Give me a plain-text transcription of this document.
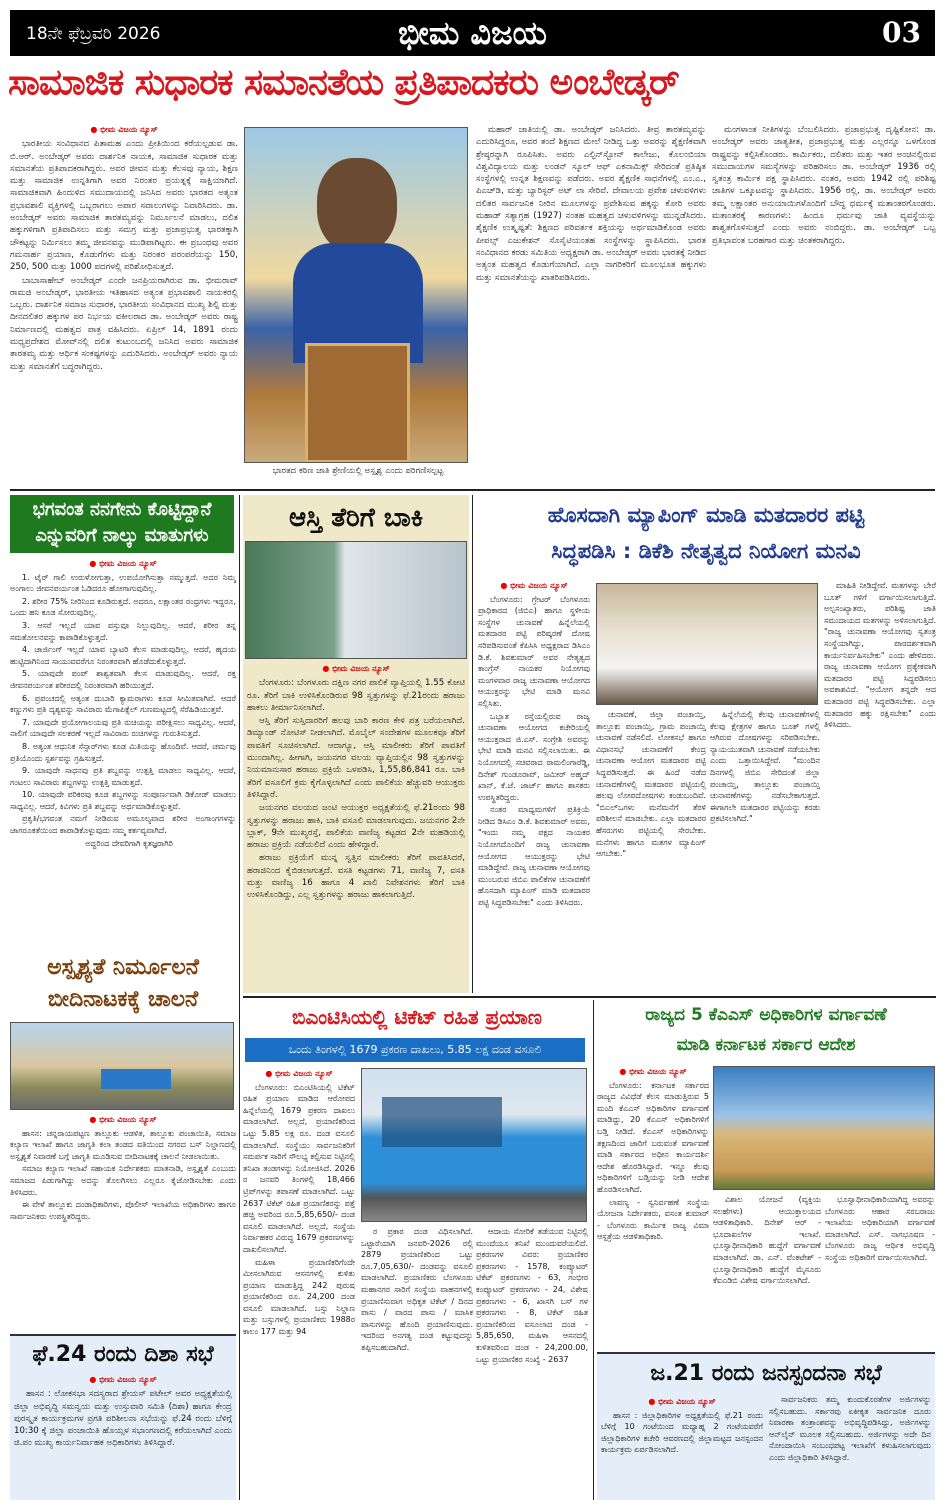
18ನೇ ಫೆಬ್ರವರಿ 2026	ಭೀಮ ವಿಜಯ	03
ಸಾಮಾಜಿಕ ಸುಧಾರಕ ಸಮಾನತೆಯ ಪ್ರತಿಪಾದಕರು ಅಂಬೇಡ್ಕರ್
● ಭೀಮ ವಿಜಯ ನ್ಯೂಸ್

ಭಾರತೀಯ ಸಂವಿಧಾನದ ಪಿತಾಮಹ ಎಂದು ಪ್ರೀತಿಯಿಂದ ಕರೆಯಲ್ಪಡುವ ಡಾ. ಬಿ.ಆರ್. ಅಂಬೇಡ್ಕರ್ ಅವರು ದಾರ್ಶನಿಕ ನಾಯಕ, ಸಾಮಾಜಿಕ ಸುಧಾರಕ ಮತ್ತು ಸಮಾನತೆಯ ಪ್ರತಿಪಾದಕರಾಗಿದ್ದರು. ಅವರ ಜೀವನ ಮತ್ತು ಕೆಲಸವು ನ್ಯಾಯ, ಶಿಕ್ಷಣ ಮತ್ತು ಸಾಮಾಜಿಕ ಉನ್ನತಿಗಾಗಿ ಅವರ ನಿರಂತರ ಪ್ರಯತ್ನಕ್ಕೆ ಸಾಕ್ಷಿಯಾಗಿದೆ. ಸಾಮಾಜಿಕವಾಗಿ ಹಿಂದುಳಿದ ಸಮುದಾಯದಲ್ಲಿ ಜನಿಸಿದ ಅವರು ಭಾರತದ ಅತ್ಯಂತ ಪ್ರಭಾವಶಾಲಿ ವ್ಯಕ್ತಿಗಳಲ್ಲಿ ಒಬ್ಬರಾಗಲು ಅಪಾರ ಸವಾಲುಗಳನ್ನು ನಿವಾರಿಸಿದರು. ಡಾ. ಅಂಬೇಡ್ಕರ್ ಅವರು ಸಾಮಾಜಿಕ ತಾರತಮ್ಯವನ್ನು ನಿರ್ಮೂಲನೆ ಮಾಡಲು, ದಲಿತ ಹಕ್ಕುಗಳಿಗಾಗಿ ಪ್ರತಿಪಾದಿಸಲು ಮತ್ತು ಸಮಗ್ರ ಮತ್ತು ಪ್ರಜಾಪ್ರಭುತ್ವ ಭಾರತಕ್ಕಾಗಿ ಚೌಕಟ್ಟನ್ನು ನಿರ್ಮಿಸಲು ತಮ್ಮ ಜೀವನವನ್ನು ಮುಡಿಪಾಗಿಟ್ಟರು. ಈ ಪ್ರಬಂಧವು ಅವರ ಗಮನಾರ್ಹ ಪ್ರಯಾಣ, ಕೊಡುಗೆಗಳು ಮತ್ತು ನಿರಂತರ ಪರಂಪರೆಯನ್ನು 150, 250, 500 ಮತ್ತು 1000 ಪದಗಳಲ್ಲಿ ಪರಿಶೋಧಿಸುತ್ತದೆ.

ಬಾಬಾಸಾಹೇಬ್ ಅಂಬೇಡ್ಕರ್ ಎಂದೇ ಜನಪ್ರಿಯರಾಗಿರುವ ಡಾ. ಭೀಮರಾವ್ ರಾಮಜಿ ಅಂಬೇಡ್ಕರ್, ಭಾರತೀಯ ಇತಿಹಾಸದ ಅತ್ಯಂತ ಪ್ರಭಾವಶಾಲಿ ನಾಯಕರಲ್ಲಿ ಒಬ್ಬರು. ದಾರ್ಶನಿಕ ಸಮಾಜ ಸುಧಾರಕ, ಭಾರತೀಯ ಸಂವಿಧಾನದ ಮುಖ್ಯ ಶಿಲ್ಪಿ ಮತ್ತು ದೀನದಲಿತರ ಹಕ್ಕುಗಳ ಪರ ನಿರ್ಭಯ ವಕೀಲರಾದ ಡಾ. ಅಂಬೇಡ್ಕರ್ ಅವರು ರಾಷ್ಟ್ರ ನಿರ್ಮಾಣದಲ್ಲಿ ಮಹತ್ವದ ಪಾತ್ರ ವಹಿಸಿದರು. ಏಪ್ರಿಲ್ 14, 1891 ರಂದು ಮಧ್ಯಪ್ರದೇಶದ ಮೋವ್‌ನಲ್ಲಿ ದಲಿತ ಕುಟುಂಬದಲ್ಲಿ ಜನಿಸಿದ ಅವರು ಸಾಮಾಜಿಕ ತಾರತಮ್ಯ ಮತ್ತು ಆರ್ಥಿಕ ಸಂಕಷ್ಟಗಳನ್ನು ಎದುರಿಸಿದರು. ಅಂಬೇಡ್ಕರ್ ಅವರು ನ್ಯಾಯ ಮತ್ತು ಸಮಾನತೆಗೆ ಬದ್ಧರಾಗಿದ್ದರು.

ಭಾರತದ ಕಠಿಣ ಜಾತಿ ಶ್ರೇಣಿಯಲ್ಲಿ ಅಸ್ಪೃಶ್ಯ ಎಂದು ಪರಿಗಣಿಸಲ್ಪಟ್ಟ

ಮಹಾರ್ ಜಾತಿಯಲ್ಲಿ ಡಾ. ಅಂಬೇಡ್ಕರ್ ಜನಿಸಿದರು. ತೀವ್ರ ತಾರತಮ್ಯವನ್ನು ಎದುರಿಸಿದ್ದರೂ, ಅವರ ತಂದೆ ಶಿಕ್ಷಣದ ಮೇಲೆ ನೀಡಿದ್ದ ಒತ್ತು ಅವರನ್ನು ಶೈಕ್ಷಣಿಕವಾಗಿ ಶ್ರೇಷ್ಠರನ್ನಾಗಿ ರೂಪಿಸಿತು. ಅವರು ಎಲ್ಫಿನ್‌ಸ್ಟೋನ್ ಕಾಲೇಜು, ಕೊಲಂಬಿಯಾ ವಿಶ್ವವಿದ್ಯಾಲಯ ಮತ್ತು ಲಂಡನ್ ಸ್ಕೂಲ್ ಆಫ್ ಎಕನಾಮಿಕ್ಸ್ ಸೇರಿದಂತೆ ಪ್ರತಿಷ್ಠಿತ ಸಂಸ್ಥೆಗಳಲ್ಲಿ ಉನ್ನತ ಶಿಕ್ಷಣವನ್ನು ಪಡೆದರು. ಅವರ ಶೈಕ್ಷಣಿಕ ಸಾಧನೆಗಳಲ್ಲಿ ಎಂ.ಎ., ಪಿಎಚ್‌ಡಿ, ಮತ್ತು ಬ್ಯಾರಿಸ್ಟರ್ ಅಟ್ ಲಾ ಸೇರಿವೆ. ದೇವಾಲಯ ಪ್ರವೇಶ ಚಳುವಳಿಗಳು ದಲಿತರ ಸಾರ್ವಜನಿಕ ನೀರಿನ ಮೂಲಗಳನ್ನು ಪ್ರವೇಶಿಸುವ ಹಕ್ಕನ್ನು ಕೋರಿ ಅವರು ಮಹಾಡ್ ಸತ್ಯಾಗ್ರಹ (1927) ನಂತಹ ಮಹತ್ವದ ಚಳುವಳಿಗಳನ್ನು ಮುನ್ನಡೆಸಿದರು. ಶೈಕ್ಷಣಿಕ ಉತ್ಕೃಷ್ಟತೆ: ಶಿಕ್ಷಣದ ಪರಿವರ್ತಕ ಶಕ್ತಿಯನ್ನು ಅರ್ಥಮಾಡಿಕೊಂಡ ಅವರು ಪೀಪಲ್ಸ್ ಎಜುಕೇಶನ್ ಸೊಸೈಟಿಯಂತಹ ಸಂಸ್ಥೆಗಳನ್ನು ಸ್ಥಾಪಿಸಿದರು. ಭಾರತ ಸಂವಿಧಾನದ ಕರಡು ಸಮಿತಿಯ ಅಧ್ಯಕ್ಷರಾಗಿ ಡಾ. ಅಂಬೇಡ್ಕರ್ ಅವರು ಭಾರತಕ್ಕೆ ನೀಡಿದ ಅತ್ಯಂತ ಮಹತ್ವದ ಕೊಡುಗೆಯಾಗಿದೆ. ಎಲ್ಲಾ ನಾಗರಿಕರಿಗೆ ಮೂಲಭೂತ ಹಕ್ಕುಗಳು ಮತ್ತು ಸಮಾನತೆಯನ್ನು ಖಾತರಿಪಡಿಸಿದರು.

ಮಂಗಳಾಂತ ನೀತಿಗಳನ್ನು ಬೆಂಬಲಿಸಿದರು. ಪ್ರಜಾಪ್ರಭುತ್ವ ದೃಷ್ಟಿಕೋನ: ಡಾ. ಅಂಬೇಡ್ಕರ್ ಅವರು ಜಾತ್ಯತೀತ, ಪ್ರಜಾಪ್ರಭುತ್ವ ಮತ್ತು ಎಲ್ಲರನ್ನೂ ಒಳಗೊಂಡ ರಾಷ್ಟ್ರವನ್ನು ಕಲ್ಪಿಸಿಕೊಂಡರು. ಕಾರ್ಮಿಕರು, ದಲಿತರು ಮತ್ತು ಇತರ ಅಂಚಿನಲ್ಲಿರುವ ಸಮುದಾಯಗಳ ಸಮಸ್ಯೆಗಳನ್ನು ಪರಿಹರಿಸಲು ಡಾ. ಅಂಬೇಡ್ಕರ್ 1936 ರಲ್ಲಿ ಸ್ವತಂತ್ರ ಕಾರ್ಮಿಕ ಪಕ್ಷ ಸ್ಥಾಪಿಸಿದರು. ನಂತರ, ಅವರು 1942 ರಲ್ಲಿ ಪರಿಶಿಷ್ಟ ಜಾತಿಗಳ ಒಕ್ಕೂಟವನ್ನು ಸ್ಥಾಪಿಸಿದರು. 1956 ರಲ್ಲಿ, ಡಾ. ಅಂಬೇಡ್ಕರ್ ಅವರು ತಮ್ಮ ಲಕ್ಷಾಂತರ ಅನುಯಾಯಿಗಳೊಂದಿಗೆ ಬೌದ್ಧ ಧರ್ಮಕ್ಕೆ ಮತಾಂತರಗೊಂಡರು. ಮತಾಂತರಕ್ಕೆ ಕಾರಣಗಳು: ಹಿಂದೂ ಧರ್ಮವು ಜಾತಿ ವ್ಯವಸ್ಥೆಯನ್ನು ಶಾಶ್ವತಗೊಳಿಸುತ್ತದೆ ಎಂದು ಅವರು ನಂಬಿದ್ದರು. ಡಾ. ಅಂಬೇಡ್ಕರ್ ಒಬ್ಬ ಪ್ರತಿಭಾವಂತ ಬರಹಗಾರ ಮತ್ತು ಚಿಂತಕರಾಗಿದ್ದರು.

ಭಗವಂತ ನನಗೇನು ಕೊಟ್ಟಿದ್ದಾನೆ
ಎನ್ನುವರಿಗೆ ನಾಲ್ಕು ಮಾತುಗಳು
● ಭೀಮ ವಿಜಯ ನ್ಯೂಸ್

1. ಟೈರ್ ಗಾಲಿ ಉರುಳೋಗುತ್ತಾ, ಉಪಯೋಗಿಸುತ್ತಾ ನಮ್ಮುತ್ತದೆ. ಅದರ ನಿಮ್ಮ ಅಂಗಾಲು ಜೀವನಪರ್ಯಂತ ಓಡಿದರೂ ಹೋಗಾಗುವುದಿಲ್ಲ.

2. ಶರೀರ 75% ನೀರಿನಿಂದ ಕೂಡಿರುತ್ತದೆ. ಅದರೂ, ಲಕ್ಷಾಂತರ ರಂಧ್ರಗಳು ಇದ್ದರೂ, ಒಂದು ಹನಿ ಕೂಡ ಸೋರುವುದಿಲ್ಲ.

3. ಆಸರೆ ಇಲ್ಲದೆ ಯಾವ ವಸ್ತುವೂ ನಿಲ್ಲುವುದಿಲ್ಲ. ಆದರೆ, ಶರೀರ ತನ್ನ ಸಮತೋಲನವನ್ನು ಕಾಪಾಡಿಕೊಳ್ಳುತ್ತದೆ.

4. ಚಾರ್ಜಿಂಗ್ ಇಲ್ಲದೆ ಯಾವ ಬ್ಯಾಟರಿ ಕೆಲಸ ಮಾಡುವುದಿಲ್ಲ. ಆದರೆ, ಹೃದಯ ಹುಟ್ಟಿದಾಗಿನಿಂದ ಸಾಯುವವರೆಗೂ ನಿರಂತರವಾಗಿ ಹೊಡೆದುಕೊಳ್ಳುತ್ತದೆ.

5. ಯಾವುದೇ ಪಂಪ್ ಶಾಶ್ವತವಾಗಿ ಕೆಲಸ ಮಾಡುವುದಿಲ್ಲ. ಆದರೆ, ರಕ್ತ ಜೀವನಪರ್ಯಂತ ಶರೀರದಲ್ಲಿ ನಿರಂತರವಾಗಿ ಹರಿಯುತ್ತದೆ.

6. ಪ್ರಪಂಚದಲ್ಲಿ ಅತ್ಯಂತ ದುಬಾರಿ ಕ್ಯಾಮರಾಗಳು ಕೂಡ ಸೀಮಿತವಾಗಿವೆ. ಆದರೆ ಕಣ್ಣುಗಳು ಪ್ರತಿ ದೃಶ್ಯವನ್ನು ಸಾವಿರಾರು ಮೆಗಾಪಿಕ್ಸೆಲ್ ಗುಣಮಟ್ಟದಲ್ಲಿ ಸೆರೆಹಿಡಿಯುತ್ತವೆ.

7. ಯಾವುದೇ ಪ್ರಯೋಗಾಲಯವು ಪ್ರತಿ ರುಚಿಯನ್ನು ಪರೀಕ್ಷಿಸಲು ಸಾಧ್ಯವಿಲ್ಲ. ಆದರೆ, ನಾಲಿಗೆ ಯಾವುದೇ ಸಲಕರಣೆ ಇಲ್ಲದೆ ಸಾವಿರಾರು ರುಚಿಗಳನ್ನು ಗುರುತಿಸುತ್ತದೆ.

8. ಅತ್ಯಂತ ಆಧುನಿಕ ಸೆನ್ಸಾರ್‌ಗಳು ಕೂಡ ಮಿತಿಯನ್ನು ಹೊಂದಿವೆ. ಆದರೆ, ಚರ್ಮವು ಪ್ರತಿಯೊಂದು ಸ್ಪರ್ಶವನ್ನು ಗ್ರಹಿಸುತ್ತದೆ.

9. ಯಾವುದೇ ಸಾಧನವು ಪ್ರತಿ ಶಬ್ದವನ್ನು ಉತ್ಪತ್ತಿ ಮಾಡಲು ಸಾಧ್ಯವಿಲ್ಲ. ಆದರೆ, ಗಂಟಲು ಸಾವಿರಾರು ಶಬ್ದಗಳನ್ನು ಉತ್ಪತ್ತಿ ಮಾಡುತ್ತದೆ.

10. ಯಾವುದೇ ಪರಿಕರವು ಕೂಡ ಶಬ್ದಗಳನ್ನು ಸಂಪೂರ್ಣವಾಗಿ ಡಿಕೋಡ್ ಮಾಡಲು ಸಾಧ್ಯವಿಲ್ಲ. ಆದರೆ, ಕಿವಿಗಳು ಪ್ರತಿ ಶಬ್ದವನ್ನು ಅರ್ಥಮಾಡಿಕೊಳ್ಳುತ್ತವೆ.

ಪ್ರಕೃತಿ/ಭಗವಂತ ನಮಗೆ ನೀಡಿರುವ ಅಮೂಲ್ಯವಾದ ಶರೀರ ಅಂಗಾಂಗಗಳನ್ನು ಜಾಗರೂಕತೆಯಿಂದ ಕಾಪಾಡಿಕೊಳ್ಳುವುದು ನಮ್ಮ ಕರ್ತವ್ಯವಾಗಿದೆ.

ಅದ್ದರಿಂದ ದೇವರಿಗಾಗಿ ಕೃತಜ್ಞರಾಗಿರಿ

ಅಸ್ಪೃಶ್ಯತೆ ನಿರ್ಮೂಲನೆ
ಬೀದಿನಾಟಕಕ್ಕೆ ಚಾಲನೆ
● ಭೀಮ ವಿಜಯ ನ್ಯೂಸ್

ಹಾಸನ: ಚನ್ನರಾಯಪಟ್ಟಣ ತಾಲ್ಲೂಕು ಆಡಳಿತ, ತಾಲ್ಲೂಕು ಪಂಚಾಯಿತಿ, ಸಮಾಜ ಕಲ್ಯಾಣ ಇಲಾಖೆ ಹಾಗೂ ಜಾಗೃತಿ ಕಲಾ ತಂಡದ ವತಿಯಿಂದ ನಗರದ ಬಸ್ ನಿಲ್ದಾಣದಲ್ಲಿ ಅಸ್ಪೃಶ್ಯತೆ ನಿವಾರಣೆ ಬಗ್ಗೆ ಜಾಗೃತಿ ಮೂಡಿಸುವ ಬೀದಿನಾಟಕಕ್ಕೆ ಚಾಲನೆ ನೀಡಲಾಯಿತು.

ಸಮಾಜ ಕಲ್ಯಾಣ ಇಲಾಖೆ ಸಹಾಯಕ ನಿರ್ದೇಶಕರು ಮಾತನಾಡಿ, ಅಸ್ಪೃಶ್ಯತೆ ಎಂಬುದು ಸಮಾಜದ ಪಿಡುಗಾಗಿದ್ದು ಅದನ್ನು ತೊಲಗಿಸಲು ಎಲ್ಲರೂ ಕೈಜೋಡಿಸಬೇಕು ಎಂದು ತಿಳಿಸಿದರು.

ಈ ವೇಳೆ ತಾಲ್ಲೂಕು ದಂಡಾಧಿಕಾರಿಗಳು, ಪೊಲೀಸ್ ಇಲಾಖೆಯ ಅಧಿಕಾರಿಗಳು ಹಾಗೂ ಸಾರ್ವಜನಿಕರು ಉಪಸ್ಥಿತರಿದ್ದರು.

ಫೆ.24 ರಂದು ದಿಶಾ ಸಭೆ
● ಭೀಮ ವಿಜಯ ನ್ಯೂಸ್

ಹಾಸನ : ಲೋಕಸಭಾ ಸದಸ್ಯರಾದ ಶ್ರೇಯಸ್ ಪಟೇಲ್ ಅವರ ಅಧ್ಯಕ್ಷತೆಯಲ್ಲಿ ಜಿಲ್ಲಾ ಅಭಿವೃದ್ಧಿ ಸಮನ್ವಯ ಮತ್ತು ಉಸ್ತುವಾರಿ ಸಮಿತಿ (ದಿಶಾ) ಹಾಗೂ ಕೇಂದ್ರ ಪುರಸ್ಕೃತ ಕಾರ್ಯಕ್ರಮಗಳ ಪ್ರಗತಿ ಪರಿಶೀಲನಾ ಸಭೆಯನ್ನು ಫೆ.24 ರಂದು ಬೆಳಿಗ್ಗೆ 10:30 ಕ್ಕೆ ಜಿಲ್ಲಾ ಪಂಚಾಯಿತಿ ಹೊಯ್ಸಳ ಸಭಾಂಗಣದಲ್ಲಿ ಕರೆಯಲಾಗಿದೆ ಎಂದು ಜಿ.ಪಂ ಮುಖ್ಯ ಕಾರ್ಯನಿರ್ವಾಹಕ ಅಧಿಕಾರಿಗಳು ತಿಳಿಸಿದ್ದಾರೆ.

ಆಸ್ತಿ ತೆರಿಗೆ ಬಾಕಿ
● ಭೀಮ ವಿಜಯ ನ್ಯೂಸ್

ಬೆಂಗಳೂರು: ಬೆಂಗಳೂರು ದಕ್ಷಿಣ ನಗರ ಪಾಲಿಕೆ ವ್ಯಾಪ್ತಿಯಲ್ಲಿ 1.55 ಕೋಟಿ ರೂ. ತೆರಿಗೆ ಬಾಕಿ ಉಳಿಸಿಕೊಂಡಿರುವ 98 ಸ್ವತ್ತುಗಳನ್ನು ಫೆ.21ರಂದು ಹರಾಜು ಹಾಕಲು ತೀರ್ಮಾನಿಸಲಾಗಿದೆ.

ಆಸ್ತಿ ತೆರಿಗೆ ಸುಸ್ತಿದಾರರಿಗೆ ಹಲವು ಬಾರಿ ಕಾರಣ ಕೇಳಿ ಪತ್ರ ಬರೆಯಲಾಗಿದೆ. ಡಿಮ್ಯಾಂಡ್ ನೋಟಿಸ್ ನೀಡಲಾಗಿದೆ. ಮೊಬೈಲ್ ಸಂದೇಶಗಳ ಮೂಲಕವೂ ತೆರಿಗೆ ಪಾವತಿಗೆ ಸೂಚಿಸಲಾಗಿದೆ. ಆದಾಗ್ಯೂ, ಆಸ್ತಿ ಮಾಲೀಕರು ತೆರಿಗೆ ಪಾವತಿಗೆ ಮುಂದಾಗಿಲ್ಲ. ಹೀಗಾಗಿ, ಜಯನಗರ ವಲಯ ವ್ಯಾಪ್ತಿಯಲ್ಲಿನ 98 ಸ್ವತ್ತುಗಳನ್ನು ನಿಯಮಾನುಸಾರ ಹರಾಜು ಪ್ರಕ್ರಿಯೆ ಒಳಪಡಿಸಿ, 1,55,86,841 ರೂ. ಬಾಕಿ ತೆರಿಗೆ ವಸೂಲಿಗೆ ಕ್ರಮ ಕೈಗೊಳ್ಳಲಾಗಿದೆ ಎಂದು ಪಾಲಿಕೆಯ ಹೆಚ್ಚುವರಿ ಆಯುಕ್ತರು ತಿಳಿಸಿದ್ದಾರೆ.

ಜಯನಗರ ವಲಯದ ಜಂಟಿ ಆಯುಕ್ತರ ಅಧ್ಯಕ್ಷತೆಯಲ್ಲಿ ಫೆ.21ರಂದು 98 ಸ್ವತ್ತುಗಳನ್ನು ಹರಾಜು ಹಾಕಿ, ಬಾಕಿ ವಸೂಲಿ ಮಾಡಲಾಗುವುದು. ಜಯನಗರ 2ನೇ ಬ್ಲಾಕ್, 9ನೇ ಮುಖ್ಯರಸ್ತೆ, ಪಾಲಿಕೆಯ ವಾಣಿಜ್ಯ ಕಟ್ಟಡದ 2ನೇ ಮಹಡಿಯಲ್ಲಿ ಹರಾಜು ಪ್ರಕ್ರಿಯೆ ನಡೆಯಲಿದೆ ಎಂದು ಹೇಳಿದ್ದಾರೆ.

ಹರಾಜು ಪ್ರಕ್ರಿಯೆಗೆ ಮುನ್ನ ಸ್ವತ್ತಿನ ಮಾಲೀಕರು ತೆರಿಗೆ ಪಾವತಿಸಿದರೆ, ಹರಾಜಿನಿಂದ ಕೈಬಿಡಲಾಗುತ್ತದೆ. ವಸತಿ ಕಟ್ಟಡಗಳು 71, ವಾಣಿಜ್ಯ 7, ವಸತಿ ಮತ್ತು ವಾಣಿಜ್ಯ 16 ಹಾಗೂ 4 ಖಾಲಿ ನಿವೇಶನಗಳು ತೆರಿಗೆ ಬಾಕಿ ಉಳಿಸಿಕೊಂಡಿದ್ದು, ಎಲ್ಲ ಸ್ವತ್ತುಗಳನ್ನು ಹರಾಜು ಹಾಕಲಾಗುತ್ತಿದೆ.

ಹೊಸದಾಗಿ ಮ್ಯಾಪಿಂಗ್ ಮಾಡಿ ಮತದಾರರ ಪಟ್ಟಿ
ಸಿದ್ಧಪಡಿಸಿ : ಡಿಕೆಶಿ ನೇತೃತ್ವದ ನಿಯೋಗ ಮನವಿ
● ಭೀಮ ವಿಜಯ ನ್ಯೂಸ್

ಬೆಂಗಳೂರು: ಗ್ರೇಟರ್ ಬೆಂಗಳೂರು ಪ್ರಾಧಿಕಾರದ (ಜಿಬಿಎ) ಹಾಗೂ ಸ್ಥಳೀಯ ಸಂಸ್ಥೆಗಳ ಚುನಾವಣೆ ಹಿನ್ನೆಲೆಯಲ್ಲಿ ಮತದಾರರ ಪಟ್ಟಿ ಪರಿಷ್ಕರಣೆ ದೋಷ ಸರಿಪಡಿಸುವಂತೆ ಕೆಪಿಸಿಸಿ ಅಧ್ಯಕ್ಷರಾದ ಡಿಸಿಎಂ ಡಿ.ಕೆ. ಶಿವಕುಮಾರ್ ಅವರ ನೇತೃತ್ವದ ಕಾಂಗ್ರೆಸ್ ನಾಯಕರ ನಿಯೋಗವು ಮಂಗಳವಾರ ರಾಜ್ಯ ಚುನಾವಣಾ ಆಯೋಗದ ಆಯುಕ್ತರನ್ನು ಭೇಟಿ ಮಾಡಿ ಮನವಿ ಸಲ್ಲಿಸಿತು.

ಒಬ್ಬಾತ ರಸ್ತೆಯಲ್ಲಿರುವ ರಾಜ್ಯ ಚುನಾವಣಾ ಆಯೋಗದ ಕಚೇರಿಯಲ್ಲಿ ಆಯುಕ್ತರಾದ ಜಿ.ಎಸ್. ಸಂಗ್ರೇಶಿ ಅವರನ್ನು ಭೇಟಿ ಮಾಡಿ ಮನವಿ ಸಲ್ಲಿಸಲಾಯಿತು. ಈ ನಿಯೋಗದಲ್ಲಿ ಸಚಿವರಾದ ರಾಮಲಿಂಗಾರೆಡ್ಡಿ, ದಿನೇಶ್ ಗುಂಡೂರಾವ್, ಜಮೀರ್ ಅಹ್ಮದ್ ಖಾನ್, ಕೆ.ಜೆ. ಜಾರ್ಜ್ ಹಾಗೂ ಶಾಸಕರು ಉಪಸ್ಥಿತರಿದ್ದರು.

ನಂತರ ಮಾಧ್ಯಮಗಳಿಗೆ ಪ್ರತಿಕ್ರಿಯೆ ನೀಡಿದ ಡಿಸಿಎಂ ಡಿ.ಕೆ. ಶಿವಕುಮಾರ್ ಅವರು, "ಇಂದು ನಮ್ಮ ಪಕ್ಷದ ನಾಯಕರ ನಿಯೋಗದೊಂದಿಗೆ ರಾಜ್ಯ ಚುನಾವಣಾ ಆಯೋಗದ ಆಯುಕ್ತರನ್ನು ಭೇಟಿ ಮಾಡಿದ್ದೇವೆ. ರಾಜ್ಯ ಚುನಾವಣಾ ಆಯೋಗವು ಮುಂಬರುವ ಜಿಬಿಎ ಪಾಲಿಕೆಗಳ ಚುನಾವಣೆಗೆ ಹೊಸದಾಗಿ ಮ್ಯಾಪಿಂಗ್ ಮಾಡಿ ಮತದಾರರ ಪಟ್ಟಿ ಸಿದ್ಧಪಡಿಸಬೇಕು" ಎಂದು ತಿಳಿಸಿದರು.

ಚುನಾವಣೆ, ಜಿಲ್ಲಾ ಪಂಚಾಯ್ತಿ, ತಾಲ್ಲೂಕು ಪಂಚಾಯ್ತಿ, ಗ್ರಾಮ ಪಂಚಾಯ್ತಿ ಚುನಾವಣೆ ನಡೆಸಲಿದೆ. ಲೋಕಸಭೆ ಹಾಗೂ ವಿಧಾನಸಭೆ ಚುನಾವಣೆಗೆ ಕೇಂದ್ರ ಚುನಾವಣಾ ಆಯೋಗ ಮತದಾರರ ಪಟ್ಟಿ ಸಿದ್ಧಪಡಿಸುತ್ತದೆ. ಈ ಹಿಂದೆ ನಡೆದ ಚುನಾವಣೆಗಳಲ್ಲಿ ಮತದಾರರ ಪಟ್ಟಿಯಲ್ಲಿ ಹಲವು ಲೋಪದೋಷಗಳು ಕಂಡುಬಂದಿವೆ. "ಬಿಎಲ್‌ಒಗಳು ಮನೆಮನೆಗೆ ತೆರಳಿ ಪರಿಶೀಲನೆ ಮಾಡಬೇಕು. ಎಲ್ಲಾ ಮತದಾರರ ಹೆಸರುಗಳು ಪಟ್ಟಿಯಲ್ಲಿ ಸೇರಬೇಕು. ಮನೆಗಳು ಹಾಗೂ ಮತಗಳ ಮ್ಯಾಪಿಂಗ್ ಆಗಬೇಕು."

ಹಿನ್ನೆಲೆಯಲ್ಲಿ ಕೆಲವು ಚುನಾವಣೆಗಳಲ್ಲಿ ಕೆಲವು ಕ್ಷೇತ್ರಗಳ ಹಾಗೂ ಬೂತ್ ಗಳಲ್ಲಿ ಆಗಿರುವ ದೋಷಗಳನ್ನು ಸರಿಪಡಿಸಬೇಕು. ನ್ಯಾಯಯುತವಾಗಿ ಚುನಾವಣೆ ನಡೆಯಬೇಕು ಎಂದು ಒತ್ತಾಯಿಸಿದ್ದೇವೆ. "ಮುಂದಿನ ದಿನಗಳಲ್ಲಿ ಜಿಬಿಎ ಸೇರಿದಂತೆ ಜಿಲ್ಲಾ ಪಂಚಾಯ್ತಿ, ತಾಲ್ಲೂಕು ಪಂಚಾಯ್ತಿ ಚುನಾವಣೆಗಳನ್ನು ನಡೆಸಬೇಕಾಗುತ್ತದೆ. ಈಗಾಗಲೇ ಮತದಾರರ ಪಟ್ಟಿಯನ್ನು ಕರಡು ಪ್ರಕಟಿಸಲಾಗಿದೆ."

ಮಾಹಿತಿ ನೀಡಿದ್ದೇವೆ. ಮತಗಳನ್ನು ಬೇರೆ ಬೂತ್ ಗಳಿಗೆ ವರ್ಗಾಯಿಸಲಾಗುತ್ತಿದೆ. ಅಲ್ಪಸಂಖ್ಯಾತರು, ಪರಿಶಿಷ್ಟ ಜಾತಿ ಸಮುದಾಯದ ಮತಗಳನ್ನು ಅಳಿಸಲಾಗುತ್ತಿದೆ. "ರಾಜ್ಯ ಚುನಾವಣಾ ಆಯೋಗವು ಸ್ವತಂತ್ರ ಸಂಸ್ಥೆಯಾಗಿದ್ದು, ಪಾರದರ್ಶಕವಾಗಿ ಕಾರ್ಯನಿರ್ವಹಿಸಬೇಕು" ಎಂದು ಹೇಳಿದರು. ರಾಜ್ಯ ಚುನಾವಣಾ ಆಯೋಗ ಪ್ರತ್ಯೇಕವಾಗಿ ಮತದಾರರ ಪಟ್ಟಿ ಸಿದ್ಧಪಡಿಸಲು ಅವಕಾಶವಿದೆ. "ಆಯೋಗ ತನ್ನದೇ ಆದ ಮತದಾರರ ಪಟ್ಟಿ ಸಿದ್ಧಪಡಿಸಬೇಕು. ಎಲ್ಲಾ ಮತದಾರರ ಹಕ್ಕು ರಕ್ಷಿಸಬೇಕು" ಎಂದು ತಿಳಿಸಿದರು.

ಬಿಎಂಟಿಸಿಯಲ್ಲಿ ಟಿಕೆಟ್ ರಹಿತ ಪ್ರಯಾಣ
ಒಂದು ತಿಂಗಳಲ್ಲಿ 1679 ಪ್ರಕರಣ ದಾಖಲು, 5.85 ಲಕ್ಷ ದಂಡ ವಸೂಲಿ
● ಭೀಮ ವಿಜಯ ನ್ಯೂಸ್

ಬೆಂಗಳೂರು: ಬಿಎಂಟಿಸಿಯಲ್ಲಿ ಟಿಕೆಟ್ ರಹಿತ ಪ್ರಯಾಣ ಮಾಡಿದ ಆರೋಪದ ಹಿನ್ನೆಲೆಯಲ್ಲಿ 1679 ಪ್ರಕರಣ ದಾಖಲು ಮಾಡಲಾಗಿದೆ. ಅಲ್ಲದೆ, ಪ್ರಯಾಣಿಕರಿಂದ ಒಟ್ಟು 5.85 ಲಕ್ಷ ರೂ. ದಂಡ ವಸೂಲಿ ಮಾಡಲಾಗಿದೆ. ಸಂಸ್ಥೆಯು ಸಾರ್ವಜನಿಕರಿಗೆ ಸಮರ್ಪಕ ಸಾರಿಗೆ ಸೌಲಭ್ಯ ಕಲ್ಪಿಸುವ ನಿಟ್ಟಿನಲ್ಲಿ ತನಿಖಾ ತಂಡಗಳನ್ನು ನಿಯೋಜಿಸಿದೆ. 2026 ರ ಜನವರಿ ತಿಂಗಳಲ್ಲಿ 18,466 ಟ್ರಿಪ್‌ಗಳನ್ನು ತಪಾಸಣೆ ಮಾಡಲಾಗಿದೆ. ಒಟ್ಟು 2637 ಟಿಕೆಟ್ ರಹಿತ ಪ್ರಯಾಣಿಕರನ್ನು ಪತ್ತೆ ಹಚ್ಚಿ ಅವರಿಂದ ರೂ.5,85,650/- ದಂಡ ವಸೂಲಿ ಮಾಡಲಾಗಿದೆ. ಅಲ್ಲದೆ, ಸಂಸ್ಥೆಯ ನಿರ್ವಾಹಕರ ವಿರುದ್ಧ 1679 ಪ್ರಕರಣಗಳನ್ನು ದಾಖಲಿಸಲಾಗಿದೆ.

ಮಹಿಳಾ ಪ್ರಯಾಣಿಕರಿಗೆಂದೇ ಮೀಸಲಾಗಿರುವ ಆಸನಗಳಲ್ಲಿ ಕುಳಿತು ಪ್ರಯಾಣ ಮಾಡುತ್ತಿದ್ದ 242 ಪುರುಷ ಪ್ರಯಾಣಿಕರಿಂದ ರೂ. 24,200 ದಂಡ ವಸೂಲಿ ಮಾಡಲಾಗಿದೆ. ಬಸ್ಸು ನಿಲ್ದಾಣ ಮತ್ತು ಬಸ್ಸುಗಳಲ್ಲಿ ಪ್ರಯಾಣಿಕರು 1988ರ ಕಾಲಂ 177 ಮತ್ತು 94

ರ ಪ್ರಕಾರ ದಂಡ ವಿಧಿಸಲಾಗಿದೆ. ಒಟ್ಟಾರೆಯಾಗಿ ಜನವರಿ-2026 ರಲ್ಲಿ 2879 ಪ್ರಯಾಣಿಕರಿಂದ ಒಟ್ಟು ರೂ.7,05,630/- ದಂಡವನ್ನು ವಸೂಲಿ ಮಾಡಲಾಗಿದೆ. ಪ್ರಯಾಣಿಕರು ಬೆಂಗಳೂರು ಮಹಾನಗರ ಸಾರಿಗೆ ಸಂಸ್ಥೆಯ ವಾಹನಗಳಲ್ಲಿ ಪ್ರಯಾಣಿಸುವಾಗ ಅಧಿಕೃತ ಟಿಕೆಟ್ / ದಿನದ ಪಾಸು / ವಾರದ ಪಾಸು / ಮಾಸಿಕ ಪಾಸುಗಳನ್ನು ಹೊಂದಿ ಪ್ರಯಾಣಿಸುವುದು. ಇದರಿಂದ ಅನಗತ್ಯ ದಂಡ ಕಟ್ಟುವುದನ್ನು ತಪ್ಪಿಸಬಹುದಾಗಿದೆ.

ಆದಾಯ ಸೋರಿಕೆ ತಡೆಯುವ ನಿಟ್ಟಿನಲ್ಲಿ ಮುಂದೆಯೂ ತನಿಖೆ ಮುಂದುವರೆಯಲಿದೆ. ಪ್ರಕರಣಗಳ ವಿವರ: ಪ್ರಯಾಣಿಕರ ಪ್ರಕರಣಗಳು - 1578, ಕಂಪ್ಯೂಟರ್ ಟಿಕೆಟ್ ಪ್ರಕರಣಗಳು - 63, ಗಂಭೀರ ಕಂಪ್ಯೂಟರ್ ಪ್ರಕರಣಗಳು - 24, ವಿಶೇಷ ಪ್ರಕರಣಗಳು - 6, ಖಾಸಗಿ ಬಸ್ ಗಳ ಪ್ರಕರಣಗಳು - 8, ಟಿಕೆಟ್ ರಹಿತ ಪ್ರಯಾಣಿಕರಿಂದ ವಸೂಲಾದ ದಂಡ - 5,85,650, ಮಹಿಳಾ ಆಸನದಲ್ಲಿ ಕುಳಿತವರಿಂದ ದಂಡ - 24,200.00, ಒಟ್ಟು ಪ್ರಯಾಣಿಕರ ಸಂಖ್ಯೆ - 2637

ರಾಜ್ಯದ 5 ಕೆಎಎಸ್ ಅಧಿಕಾರಿಗಳ ವರ್ಗಾವಣೆ
ಮಾಡಿ ಕರ್ನಾಟಕ ಸರ್ಕಾರ ಆದೇಶ
● ಭೀಮ ವಿಜಯ ನ್ಯೂಸ್

ಬೆಂಗಳೂರು: ಕರ್ನಾಟಕ ಸರ್ಕಾರದ ರಾಜ್ಯದ ವಿವಿಧೆಡೆ ಕೆಲಸ ಮಾಡುತ್ತಿರುವ 5 ಮಂದಿ ಕೆಎಎಸ್ ಅಧಿಕಾರಿಗಳ ವರ್ಗಾವಣೆ ಮಾಡಿದ್ದು, 20 ಕೆಎಎಸ್ ಅಧಿಕಾರಿಗಳಿಗೆ ಬಡ್ತಿ ನೀಡಿದೆ. ಕೆಎಎಸ್ ಅಧಿಕಾರಿಗಳನ್ನು ತಕ್ಷಣದಿಂದ ಜಾರಿಗೆ ಬರುವಂತೆ ವರ್ಗಾವಣೆ ಮಾಡಿ ಸರ್ಕಾರದ ಅಧೀನ ಕಾರ್ಯದರ್ಶಿ ಆದೇಶ ಹೊರಡಿಸಿದ್ದಾರೆ. ಇನ್ನೂ ಕೆಲವು ಅಧಿಕಾರಿಗಳಿಗೆ ಬಡ್ತಿಯನ್ನು ನೀಡಿ ಆದೇಶ ಹೊರಡಿಸಲಾಗಿದೆ.

ಲಾವಣ್ಯ - ಸ್ವನಿರ್ವಹಣೆ ಸಂಸ್ಥೆಯ ಯೋಜನಾ ನಿರ್ದೇಶಕರು, ವಸಂತ ಕುಮಾರ್ - ಬೆಂಗಳೂರು ಕಾರ್ಮಿಕ ರಾಜ್ಯ ವಿಮಾ ಆಸ್ಪತ್ರೆಯ ಆಡಳಿತಾಧಿಕಾರಿ.

ವಿಶಾಲ ಯೋಜನೆ (ವ್ಯಕ್ತಿಯ ಸಲಹೆಗಳು) ಆಯುಕ್ತಾಲಯದ ಆಡಳಿತಾಧಿಕಾರಿ. ದಿನೇಶ್ ಆರ್ - ಭೂದಾಖಲೆಗಳ ಇಲಾಖೆ. ಭೂಸ್ವಾಧೀನಾಧಿಕಾರಿ ಹುದ್ದೆಗೆ ವರ್ಗಾವಣೆ ಮಾಡಲಾಗಿದೆ. ಡಾ. ಎನ್. ವೆಂಕಟೇಶ್ - ಭೂಸ್ವಾಧೀನಾಧಿಕಾರಿ ಹುದ್ದೆಗೆ ಮೈಸೂರು ಕೆಐಎಡಿಬಿ ವಿಶೇಷ ವರ್ಗಾಯಿಸಲಾಗಿದೆ.

ಭೂಸ್ವಾಧೀನಾಧಿಕಾರಿಯಾಗಿದ್ದ ಅವರನ್ನು ಬೆಂಗಳೂರು ಆಹಾರ ಸರಬರಾಜು ಇಲಾಖೆಯ ಅಧಿಕಾರಿಯಾಗಿ ವರ್ಗಾವಣೆ ಮಾಡಲಾಗಿದೆ. ಎಸ್. ನಾಗಭೂಷಣ - ಬೆಂಗಳೂರು ರಾಜ್ಯ ಆರ್ಥಿಕ ಅಭಿವೃದ್ಧಿ ಸಂಸ್ಥೆಯ ಅಧಿಕಾರಿಗೆ ವರ್ಗಾಯಿಸಲಾಗಿದೆ.

ಜ.21 ರಂದು ಜನಸ್ಪಂದನಾ ಸಭೆ
● ಭೀಮ ವಿಜಯ ನ್ಯೂಸ್

ಹಾಸನ : ಜಿಲ್ಲಾಧಿಕಾರಿಗಳ ಅಧ್ಯಕ್ಷತೆಯಲ್ಲಿ ಫೆ.21 ರಂದು ಬೆಳಿಗ್ಗೆ 10 ಗಂಟೆಯಿಂದ ಮಧ್ಯಾಹ್ನ 2 ಗಂಟೆಯವರೆಗೆ ಜಿಲ್ಲಾಧಿಕಾರಿಗಳ ಕಚೇರಿ ಆವರಣದಲ್ಲಿ ಜಿಲ್ಲಾಮಟ್ಟದ ಜನಸ್ಪಂದನ ಕಾರ್ಯಕ್ರಮ ಏರ್ಪಡಿಸಲಾಗಿದೆ.

ಸಾರ್ವಜನಿಕರು ತಮ್ಮ ಕುಂದುಕೊರತೆಗಳ ಅರ್ಜಿಗಳನ್ನು ಸಲ್ಲಿಸಬಹುದು. ಸರ್ಕಾರವು ಏಕೀಕೃತ ಸಾರ್ವಜನಿಕ ದೂರು ನಿವಾರಣಾ ತಂತ್ರಾಂಶವನ್ನು ಅಭಿವೃದ್ಧಿಪಡಿಸಿದ್ದು, ಅರ್ಜಿಗಳನ್ನು ಆನ್‌ಲೈನ್ ಮೂಲಕ ಸಲ್ಲಿಸಬಹುದು. ಅರ್ಜಿಗಳನ್ನು ಅದೇ ದಿನ ನೋಂದಾಯಿಸಿ ಸಂಬಂಧಪಟ್ಟ ಇಲಾಖೆಗೆ ಕಳುಹಿಸಲಾಗುವುದು ಎಂದು ಜಿಲ್ಲಾಧಿಕಾರಿ ತಿಳಿಸಿದ್ದಾರೆ.
